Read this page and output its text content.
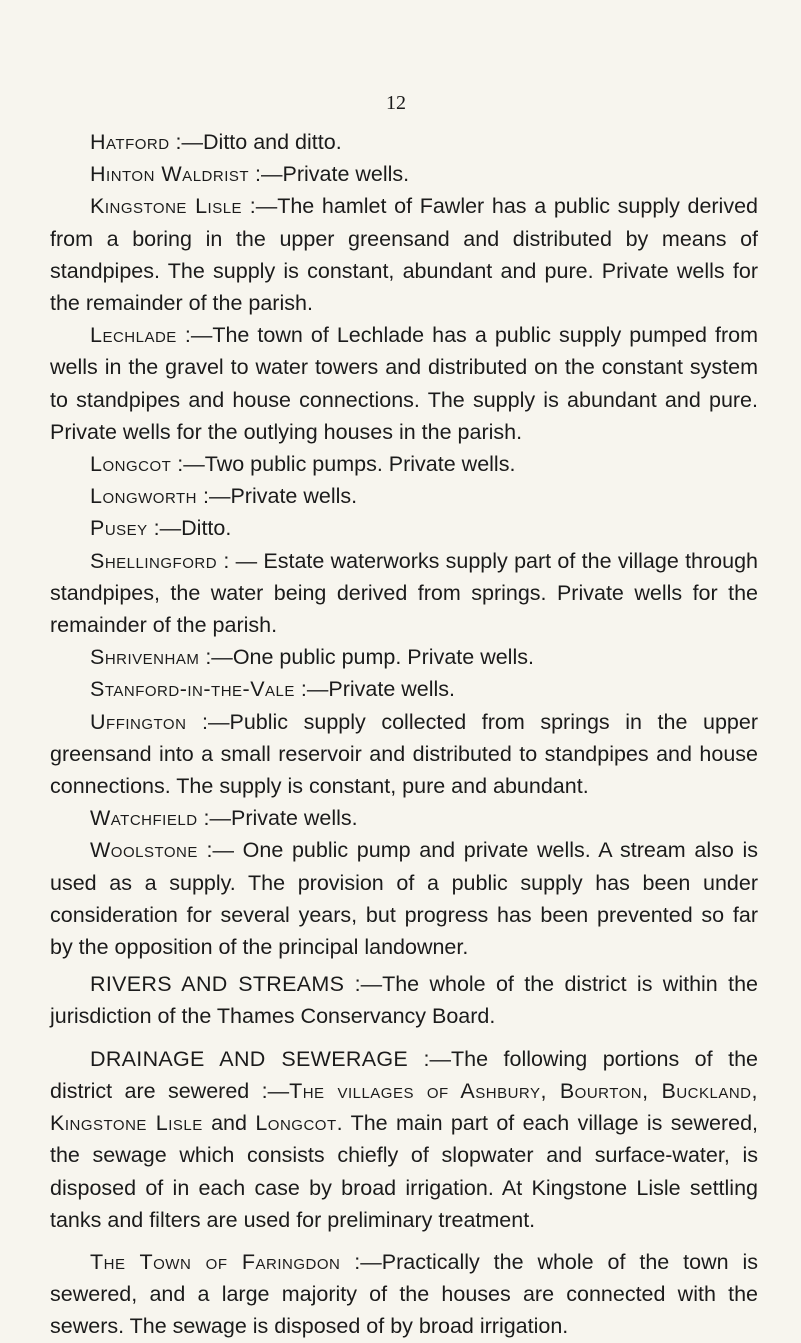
12

Hatford :—Ditto and ditto.

Hinton Waldrist :—Private wells.

Kingstone Lisle :—The hamlet of Fawler has a public supply derived from a boring in the upper greensand and distributed by means of standpipes. The supply is constant, abundant and pure. Private wells for the remainder of the parish.

Lechlade :—The town of Lechlade has a public supply pumped from wells in the gravel to water towers and distributed on the constant system to standpipes and house connections. The supply is abundant and pure. Private wells for the outlying houses in the parish.

Longcot :—Two public pumps. Private wells.

Longworth :—Private wells.

Pusey :—Ditto.

Shellingford : — Estate waterworks supply part of the village through standpipes, the water being derived from springs. Private wells for the remainder of the parish.

Shrivenham :—One public pump. Private wells.

Stanford-in-the-Vale :—Private wells.

Uffington :—Public supply collected from springs in the upper greensand into a small reservoir and distributed to standpipes and house connections. The supply is constant, pure and abundant.

Watchfield :—Private wells.

Woolstone :— One public pump and private wells. A stream also is used as a supply. The provision of a public supply has been under consideration for several years, but progress has been prevented so far by the opposition of the principal landowner.

RIVERS AND STREAMS :—The whole of the district is within the jurisdiction of the Thames Conservancy Board.

DRAINAGE AND SEWERAGE :—The following portions of the district are sewered :—The villages of Ashbury, Bourton, Buckland, Kingstone Lisle and Longcot. The main part of each village is sewered, the sewage which consists chiefly of slopwater and surface-water, is disposed of in each case by broad irrigation. At Kingstone Lisle settling tanks and filters are used for preliminary treatment.

The Town of Faringdon :—Practically the whole of the town is sewered, and a large majority of the houses are connected with the sewers. The sewage is disposed of by broad irrigation.
